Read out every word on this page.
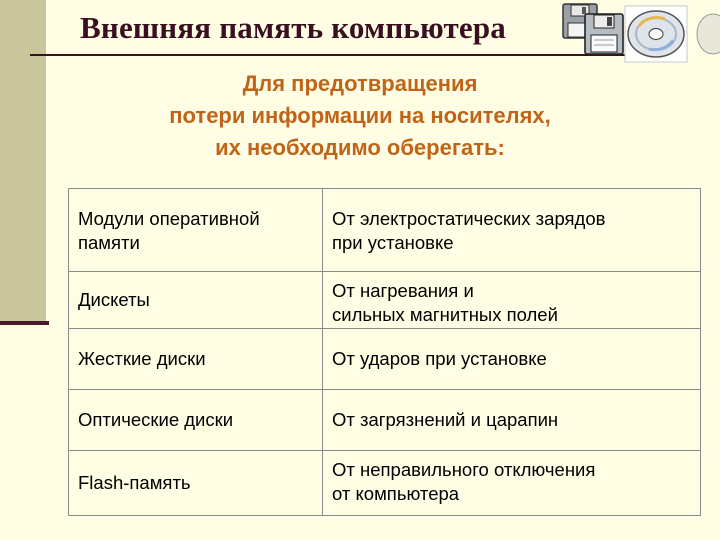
Внешняя память компьютера
Для предотвращения
потери информации на носителях,
их необходимо оберегать:
Модули оперативной
памяти	От электростатических зарядов
при установке

Дискеты	От нагревания и
сильных магнитных полей

Жесткие диски	От ударов при установке

Оптические диски	От загрязнений и царапин

Flash-память	От неправильного отключения
от компьютера
